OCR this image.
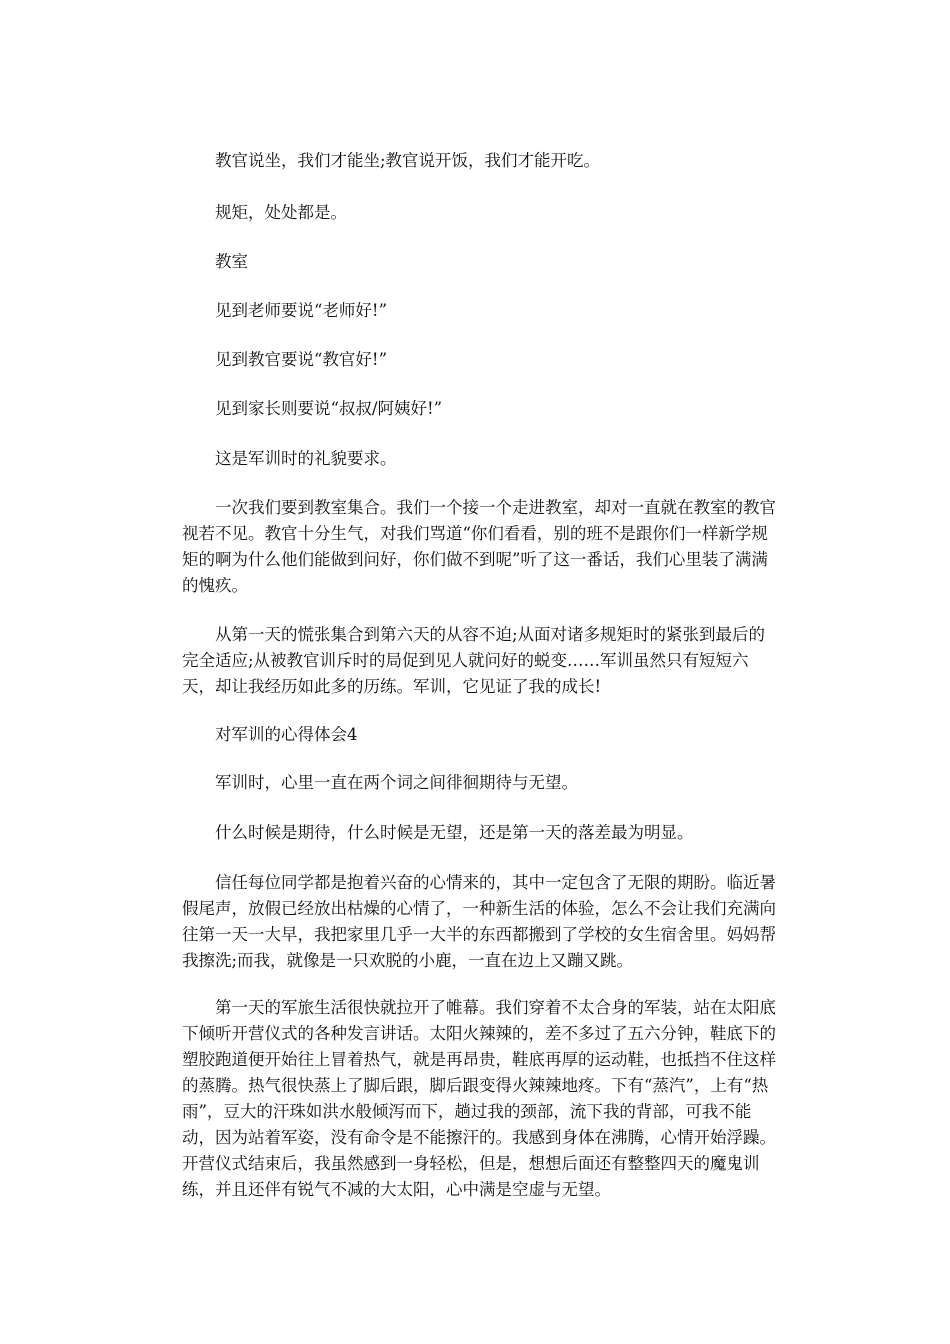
教官说坐，我们才能坐;教官说开饭，我们才能开吃。

规矩，处处都是。

教室

见到老师要说“老师好!”

见到教官要说“教官好!”

见到家长则要说“叔叔/阿姨好!”

这是军训时的礼貌要求。

一次我们要到教室集合。我们一个接一个走进教室，却对一直就在教室的教官视若不见。教官十分生气，对我们骂道“你们看看，别的班不是跟你们一样新学规矩的啊为什么他们能做到问好，你们做不到呢”听了这一番话，我们心里装了满满的愧疚。

从第一天的慌张集合到第六天的从容不迫;从面对诸多规矩时的紧张到最后的完全适应;从被教官训斥时的局促到见人就问好的蜕变……军训虽然只有短短六天，却让我经历如此多的历练。军训，它见证了我的成长!

对军训的心得体会4

军训时，心里一直在两个词之间徘徊期待与无望。

什么时候是期待，什么时候是无望，还是第一天的落差最为明显。

信任每位同学都是抱着兴奋的心情来的，其中一定包含了无限的期盼。临近暑假尾声，放假已经放出枯燥的心情了，一种新生活的体验，怎么不会让我们充满向往第一天一大早，我把家里几乎一大半的东西都搬到了学校的女生宿舍里。妈妈帮我擦洗;而我，就像是一只欢脱的小鹿，一直在边上又蹦又跳。

第一天的军旅生活很快就拉开了帷幕。我们穿着不太合身的军装，站在太阳底下倾听开营仪式的各种发言讲话。太阳火辣辣的，差不多过了五六分钟，鞋底下的塑胶跑道便开始往上冒着热气，就是再昂贵，鞋底再厚的运动鞋，也抵挡不住这样的蒸腾。热气很快蒸上了脚后跟，脚后跟变得火辣辣地疼。下有“蒸汽”，上有“热雨”，豆大的汗珠如洪水般倾泻而下，趟过我的颈部，流下我的背部，可我不能动，因为站着军姿，没有命令是不能擦汗的。我感到身体在沸腾，心情开始浮躁。开营仪式结束后，我虽然感到一身轻松，但是，想想后面还有整整四天的魔鬼训练，并且还伴有锐气不减的大太阳，心中满是空虚与无望。
